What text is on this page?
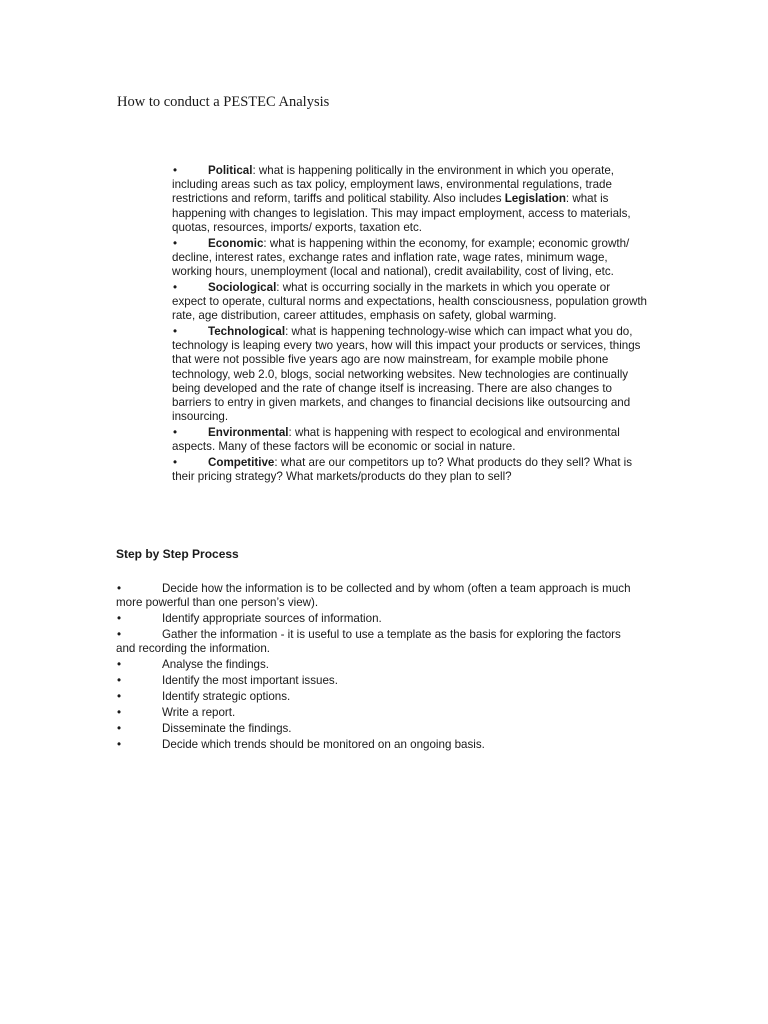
How to conduct a PESTEC Analysis
•	Political: what is happening politically in the environment in which you operate, including areas such as tax policy, employment laws, environmental regulations, trade restrictions and reform, tariffs and political stability. Also includes Legislation: what is happening with changes to legislation. This may impact employment, access to materials, quotas, resources, imports/ exports, taxation etc.
•	Economic: what is happening within the economy, for example; economic growth/ decline, interest rates, exchange rates and inflation rate, wage rates, minimum wage, working hours, unemployment (local and national), credit availability, cost of living, etc.
•	Sociological: what is occurring socially in the markets in which you operate or expect to operate, cultural norms and expectations, health consciousness, population growth rate, age distribution, career attitudes, emphasis on safety, global warming.
•	Technological: what is happening technology-wise which can impact what you do, technology is leaping every two years, how will this impact your products or services, things that were not possible five years ago are now mainstream, for example mobile phone technology, web 2.0, blogs, social networking websites. New technologies are continually being developed and the rate of change itself is increasing. There are also changes to barriers to entry in given markets, and changes to financial decisions like outsourcing and insourcing.
•	Environmental: what is happening with respect to ecological and environmental aspects. Many of these factors will be economic or social in nature.
•	Competitive: what are our competitors up to? What products do they sell? What is their pricing strategy? What markets/products do they plan to sell?
Step by Step Process
•	Decide how the information is to be collected and by whom (often a team approach is much more powerful than one person’s view).
•	Identify appropriate sources of information.
•	Gather the information - it is useful to use a template as the basis for exploring the factors and recording the information.
•	Analyse the findings.
•	Identify the most important issues.
•	Identify strategic options.
•	Write a report.
•	Disseminate the findings.
•	Decide which trends should be monitored on an ongoing basis.
